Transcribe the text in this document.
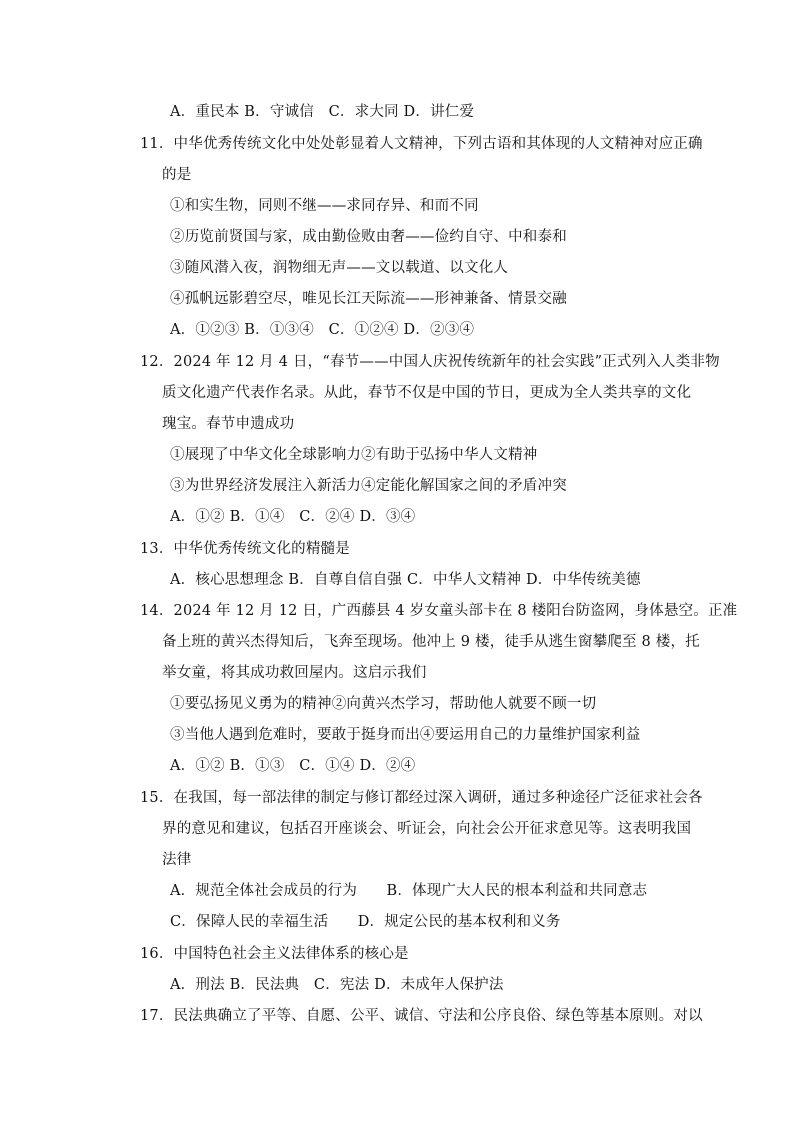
A．重民本 B．守诚信　C．求大同 D．讲仁爱
11．中华优秀传统文化中处处彰显着人文精神，下列古语和其体现的人文精神对应正确
的是
①和实生物，同则不继——求同存异、和而不同
②历览前贤国与家，成由勤俭败由奢——俭约自守、中和泰和
③随风潜入夜，润物细无声——文以载道、以文化人
④孤帆远影碧空尽，唯见长江天际流——形神兼备、情景交融
A．①②③ B．①③④　C．①②④ D．②③④
12．2024 年 12 月 4 日，“春节——中国人庆祝传统新年的社会实践”正式列入人类非物
质文化遗产代表作名录。从此，春节不仅是中国的节日，更成为全人类共享的文化
瑰宝。春节申遗成功
①展现了中华文化全球影响力②有助于弘扬中华人文精神
③为世界经济发展注入新活力④定能化解国家之间的矛盾冲突
A．①② B．①④　C．②④ D．③④
13．中华优秀传统文化的精髓是
A．核心思想理念 B．自尊自信自强 C．中华人文精神 D．中华传统美德
14．2024 年 12 月 12 日，广西藤县 4 岁女童头部卡在 8 楼阳台防盗网，身体悬空。正准
备上班的黄兴杰得知后，飞奔至现场。他冲上 9 楼，徒手从逃生窗攀爬至 8 楼，托
举女童，将其成功救回屋内。这启示我们
①要弘扬见义勇为的精神②向黄兴杰学习，帮助他人就要不顾一切
③当他人遇到危难时，要敢于挺身而出④要运用自己的力量维护国家利益
A．①② B．①③　C．①④ D．②④
15．在我国，每一部法律的制定与修订都经过深入调研，通过多种途径广泛征求社会各
界的意见和建议，包括召开座谈会、听证会，向社会公开征求意见等。这表明我国
法律
A．规范全体社会成员的行为　　B．体现广大人民的根本利益和共同意志
C．保障人民的幸福生活　　D．规定公民的基本权利和义务
16．中国特色社会主义法律体系的核心是
A．刑法 B．民法典　C．宪法 D．未成年人保护法
17．民法典确立了平等、自愿、公平、诚信、守法和公序良俗、绿色等基本原则。对以
